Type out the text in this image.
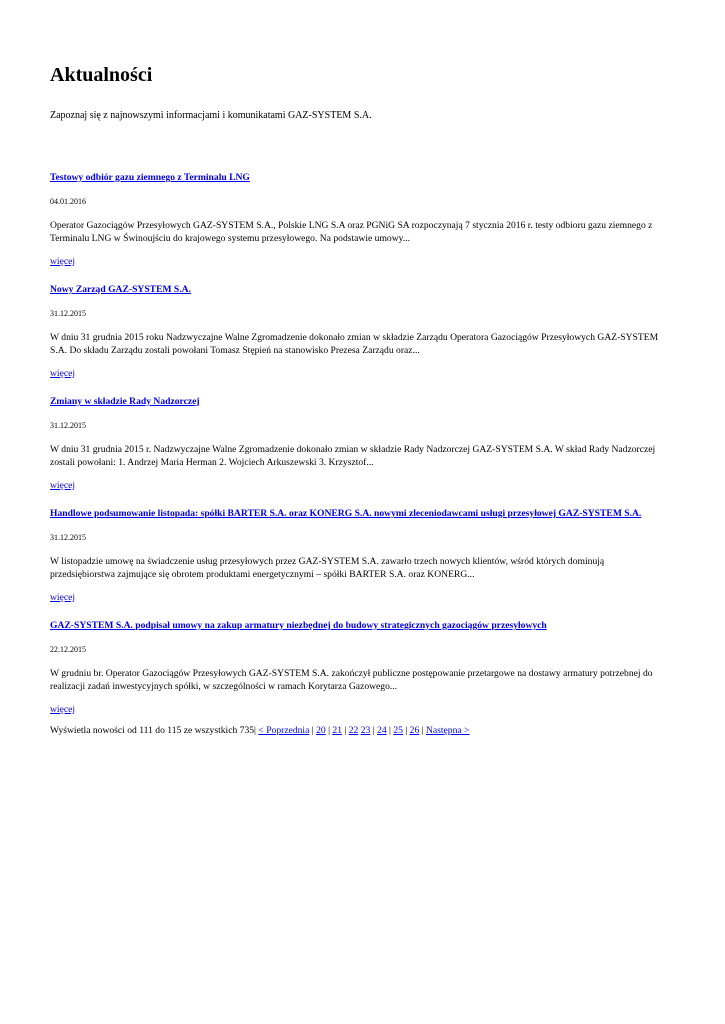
Aktualności
Zapoznaj się z najnowszymi informacjami i komunikatami GAZ-SYSTEM S.A.
Testowy odbiór gazu ziemnego z Terminalu LNG
04.01.2016
Operator Gazociągów Przesyłowych GAZ-SYSTEM S.A., Polskie LNG S.A oraz PGNiG SA rozpoczynają 7 stycznia 2016 r. testy odbioru gazu ziemnego z Terminalu LNG w Świnoujściu do krajowego systemu przesyłowego. Na podstawie umowy...
więcej
Nowy Zarząd GAZ-SYSTEM S.A.
31.12.2015
W dniu 31 grudnia 2015 roku Nadzwyczajne Walne Zgromadzenie dokonało zmian w składzie Zarządu Operatora Gazociągów Przesyłowych GAZ-SYSTEM S.A. Do składu Zarządu zostali powołani Tomasz Stępień na stanowisko Prezesa Zarządu oraz...
więcej
Zmiany w składzie Rady Nadzorczej
31.12.2015
W dniu 31 grudnia 2015 r. Nadzwyczajne Walne Zgromadzenie dokonało zmian w składzie Rady Nadzorczej GAZ-SYSTEM S.A. W skład Rady Nadzorczej zostali powołani: 1. Andrzej Maria Herman 2. Wojciech Arkuszewski 3. Krzysztof...
więcej
Handlowe podsumowanie listopada: spółki BARTER S.A. oraz KONERG S.A. nowymi zleceniodawcami usługi przesyłowej GAZ-SYSTEM S.A.
31.12.2015
W listopadzie umowę na świadczenie usług przesyłowych przez GAZ-SYSTEM S.A. zawarło trzech nowych klientów, wśród których dominują przedsiębiorstwa zajmujące się obrotem produktami energetycznymi – spółki BARTER S.A. oraz KONERG...
więcej
GAZ-SYSTEM S.A. podpisał umowy na zakup armatury niezbędnej do budowy strategicznych gazociągów przesyłowych
22.12.2015
W grudniu br. Operator Gazociągów Przesyłowych GAZ-SYSTEM S.A. zakończył publiczne postępowanie przetargowe na dostawy armatury potrzebnej do realizacji zadań inwestycyjnych spółki, w szczególności w ramach Korytarza Gazowego...
więcej
Wyświetla nowości od 111 do 115 ze wszystkich 735| < Poprzednia | 20 | 21 | 22 23 | 24 | 25 | 26 | Następna >
